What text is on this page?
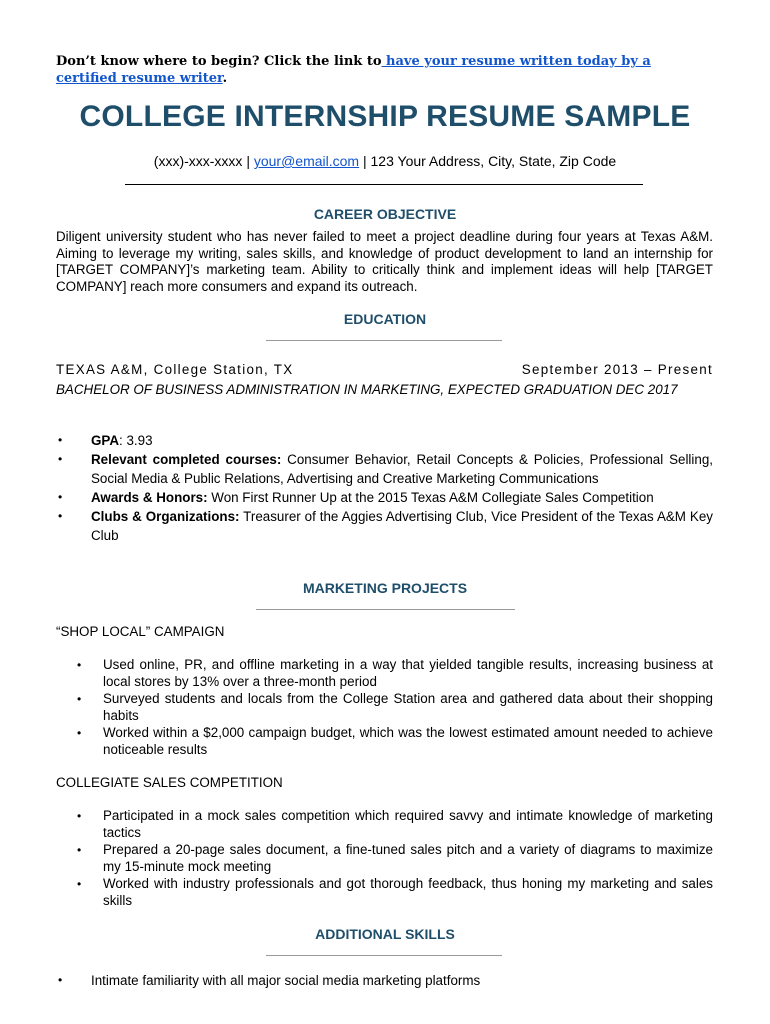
Don’t know where to begin? Click the link to have your resume written today by a certified resume writer.
COLLEGE INTERNSHIP RESUME SAMPLE
(xxx)-xxx-xxxx | your@email.com | 123 Your Address, City, State, Zip Code
CAREER OBJECTIVE
Diligent university student who has never failed to meet a project deadline during four years at Texas A&M. Aiming to leverage my writing, sales skills, and knowledge of product development to land an internship for [TARGET COMPANY]’s marketing team. Ability to critically think and implement ideas will help [TARGET COMPANY] reach more consumers and expand its outreach.
EDUCATION
TEXAS A&M, College Station, TX	September 2013 – Present
BACHELOR OF BUSINESS ADMINISTRATION IN MARKETING, EXPECTED GRADUATION DEC 2017
• GPA: 3.93
• Relevant completed courses: Consumer Behavior, Retail Concepts & Policies, Professional Selling, Social Media & Public Relations, Advertising and Creative Marketing Communications
• Awards & Honors: Won First Runner Up at the 2015 Texas A&M Collegiate Sales Competition
• Clubs & Organizations: Treasurer of the Aggies Advertising Club, Vice President of the Texas A&M Key Club
MARKETING PROJECTS
“SHOP LOCAL” CAMPAIGN
• Used online, PR, and offline marketing in a way that yielded tangible results, increasing business at local stores by 13% over a three-month period
• Surveyed students and locals from the College Station area and gathered data about their shopping habits
• Worked within a $2,000 campaign budget, which was the lowest estimated amount needed to achieve noticeable results
COLLEGIATE SALES COMPETITION
• Participated in a mock sales competition which required savvy and intimate knowledge of marketing tactics
• Prepared a 20-page sales document, a fine-tuned sales pitch and a variety of diagrams to maximize my 15-minute mock meeting
• Worked with industry professionals and got thorough feedback, thus honing my marketing and sales skills
ADDITIONAL SKILLS
• Intimate familiarity with all major social media marketing platforms
